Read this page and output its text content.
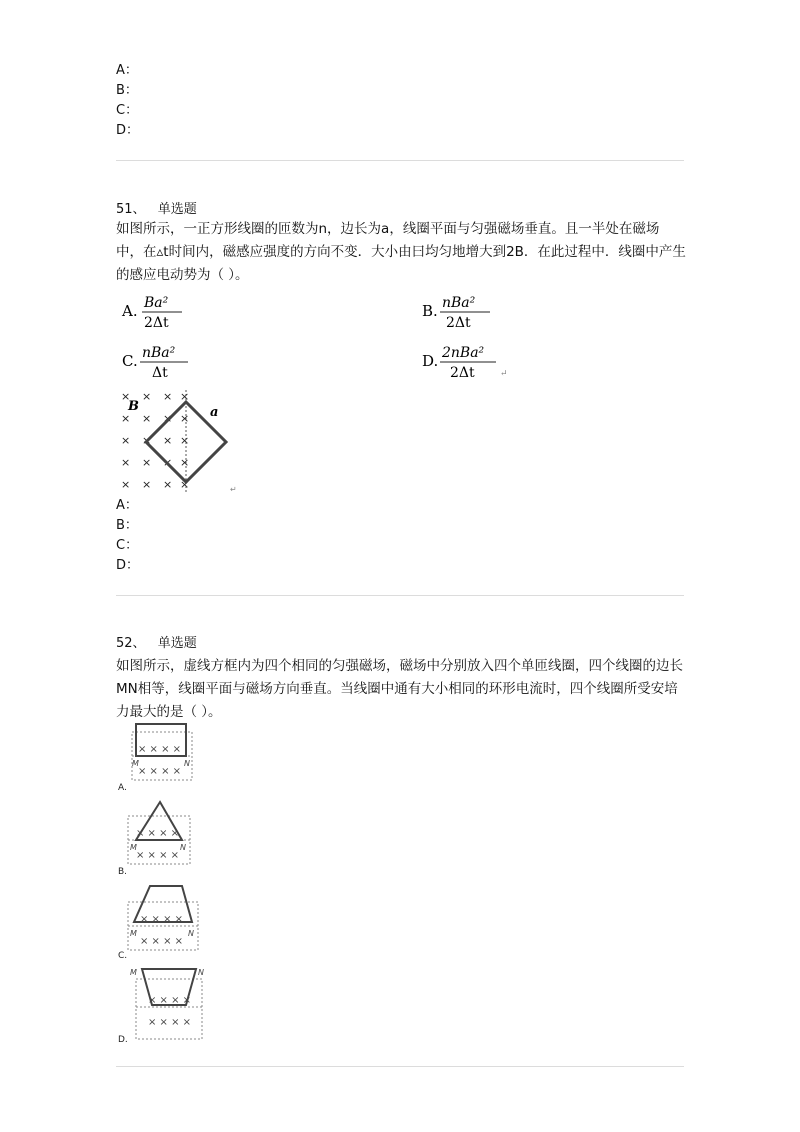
A：
B：
C：
D：
51、 单选题
如图所示，一正方形线圈的匝数为n，边长为a，线圈平面与匀强磁场垂直。且一半处在磁场中，在▵t时间内，磁感应强度的方向不变．大小由曰均匀地增大到2B．在此过程中．线圈中产生的感应电动势为（ ）。
A. Ba²
2Δt
B. nBa²
2Δt
C. nBa²
Δt
D. 2nBa²
2Δt	↵
× × × ×
× × × ×
× × × ×
× × × ×
× × × ×
B	a
↵
A：
B：
C：
D：
52、 单选题
如图所示，虚线方框内为四个相同的匀强磁场，磁场中分别放入四个单匝线圈，四个线圈的边长MN相等，线圈平面与磁场方向垂直。当线圈中通有大小相同的环形电流时，四个线圈所受安培力最大的是（ ）。
× × × ×
× × × ×
M	N
A.
× × × ×
× × × ×
M	N
B.
× × × ×
× × × ×
M	N
C.
× × × ×
× × × ×
M	N
D.
